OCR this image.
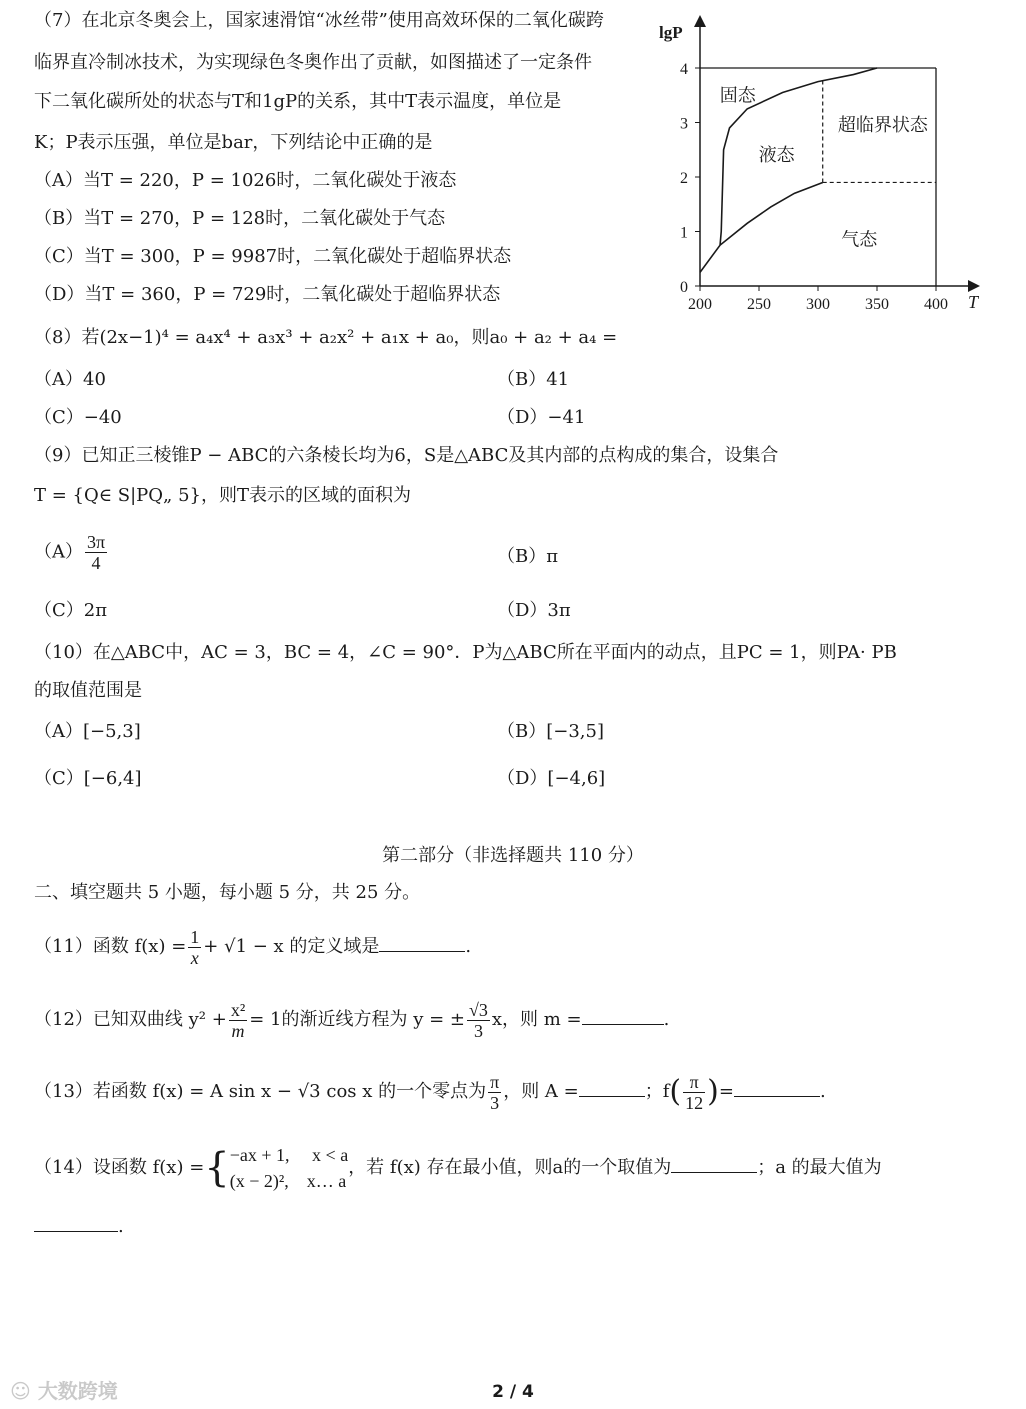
（7）在北京冬奥会上，国家速滑馆“冰丝带”使用高效环保的二氧化碳跨
临界直冷制冰技术，为实现绿色冬奥作出了贡献，如图描述了一定条件
下二氧化碳所处的状态与T和1gP的关系，其中T表示温度，单位是
K；P表示压强，单位是bar，下列结论中正确的是
（A）当T = 220，P = 1026时，二氧化碳处于液态
（B）当T = 270，P = 128时，二氧化碳处于气态
（C）当T = 300，P = 9987时，二氧化碳处于超临界状态
（D）当T = 360，P = 729时，二氧化碳处于超临界状态	0
1
2
3
4
200 250 300 350 400
lgP
T
固态
液态
超临界状态
气态
（8）若(2x−1)⁴ = a₄x⁴ + a₃x³ + a₂x² + a₁x + a₀，则a₀ + a₂ + a₄ =
（A）40	（B）41
（C）−40	（D）−41
（9）已知正三棱锥P − ABC的六条棱长均为6，S是△ABC及其内部的点构成的集合，设集合
T = {Q∈ S|PQ„ 5}，则T表示的区域的面积为
$(A) \frac{3\pi}{4}$	（B）π
（C）2π	（D）3π
（10）在△ABC中，AC = 3，BC = 4，∠C = 90°．P为△ABC所在平面内的动点，且PC = 1，则PA· PB
的取值范围是
（A）[−5,3]	（B）[−3,5]
（C）[−6,4]	（D）[−4,6]
第二部分（非选择题共 110 分）
二、填空题共 5 小题，每小题 5 分，共 25 分。
（11）函数 $f(x) = \frac{1}{x} + √1 - x$ 的定义域是	.
（12）已知双曲线 $y^2 + \frac{\text{x²}}{m} = 1$的渐近线方程为 y = ± $\frac{√3}{3}$ x，则 m =	.
（13）若函数 f(x) = A sin x − √3 cos x 的一个零点为 $\frac{\pi}{3}$ ，则 A =	；$f( \frac{\pi}{12}$ )=	.
（14）设函数 f(x) ={ −ax + 1,　 x < a
(x − 2)²,　x… a
，若 f(x) 存在最小值，则a的一个取值为	；a 的最大值为
.
☺ 大数跨境	2 / 4
